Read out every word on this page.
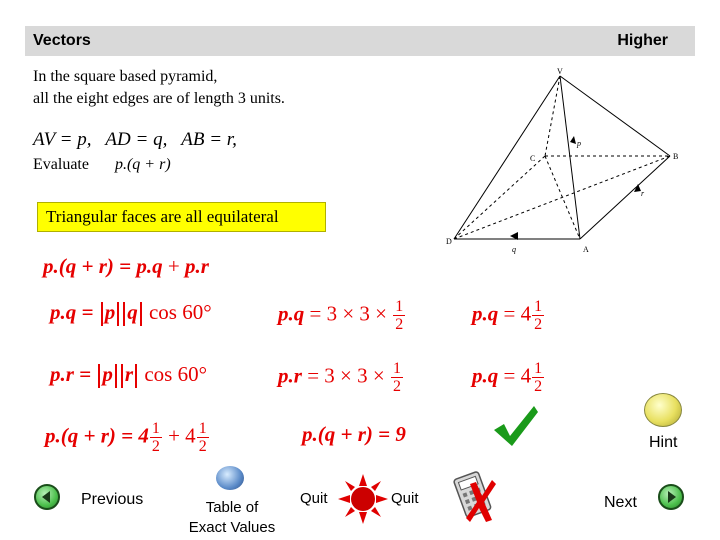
Vectors	Higher
In the square based pyramid,
all the eight edges are of length 3 units.
AV = p, AD = q, AB = r,
Evaluate p.(q + r)
Triangular faces are all equilateral
V
A
B
C
D
p
q
r
p.(q + r) = p.q + p.r
p.q = p q cos 60°	$p.q = 3 \times 3 \times \frac{1}{2}$	$p.q = 4 \frac{1}{2}$
p.r = p r cos 60°	$p.r = 3 \times 3 \times \frac{1}{2}$	$p.q = 4 \frac{1}{2}$
$p.(q + r) = 4 \frac{1}{2} + 4 \frac{1}{2}$	p.(q + r) = 9	Hint
Previous	Table of
Exact Values
Quit	Quit	Next
